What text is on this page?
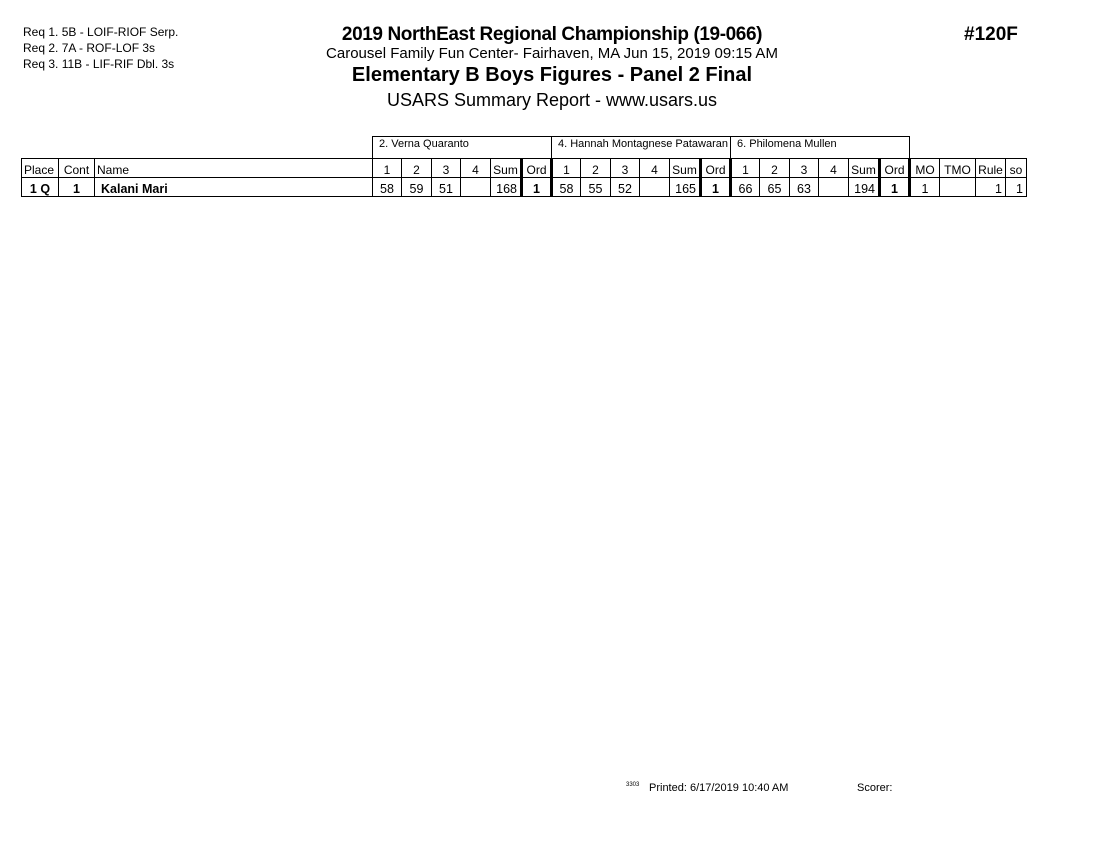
Req 1. 5B - LOIF-RIOF Serp.
Req 2. 7A - ROF-LOF 3s
Req 3. 11B - LIF-RIF Dbl. 3s
2019 NorthEast Regional Championship (19-066)
Carousel Family Fun Center- Fairhaven, MA Jun 15, 2019 09:15 AM
Elementary B Boys Figures - Panel 2 Final
USARS Summary Report - www.usars.us
#120F
			2. Verna Quaranto						4. Hannah Montagnese Patawaran						6. Philomena Mullen									
Place	Cont	Name	1	2	3	4	Sum	Ord	1	2	3	4	Sum	Ord	1	2	3	4	Sum	Ord	MO	TMO	Rule	so
1 Q	1	Kalani Mari	58	59	51		168	1	58	55	52		165	1	66	65	63		194	1	1		1	1
3303 Printed: 6/17/2019 10:40 AM	Scorer:
